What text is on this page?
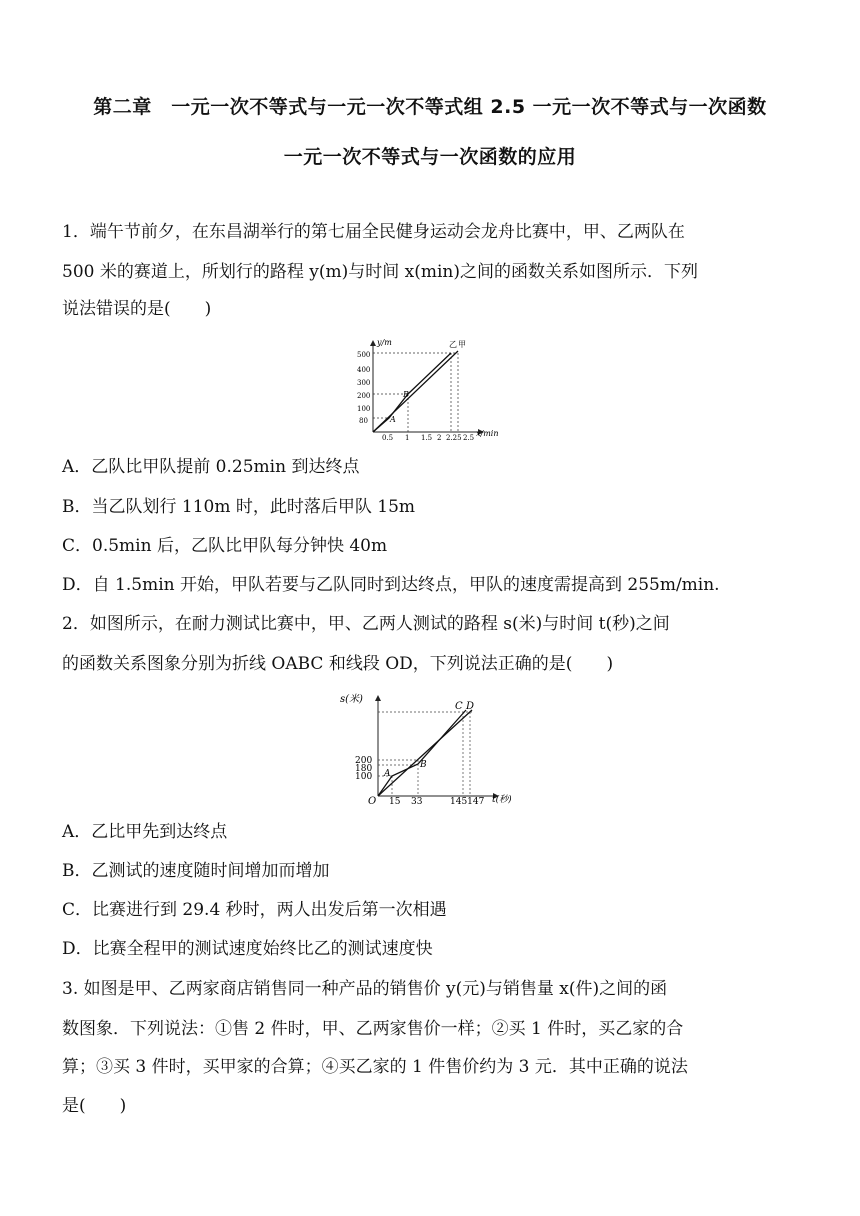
第二章　一元一次不等式与一元一次不等式组 2.5 一元一次不等式与一次函数
一元一次不等式与一次函数的应用
1．端午节前夕，在东昌湖举行的第七届全民健身运动会龙舟比赛中，甲、乙两队在
500 米的赛道上，所划行的路程 y(m)与时间 x(min)之间的函数关系如图所示．下列
说法错误的是(　　)
y/m
x/min
500
400
300
200
100
80
0.5 1 1.5 2 2.25 2.5
B
A
乙 甲
A．乙队比甲队提前 0.25min 到达终点
B．当乙队划行 110m 时，此时落后甲队 15m
C．0.5min 后，乙队比甲队每分钟快 40m
D．自 1.5min 开始，甲队若要与乙队同时到达终点，甲队的速度需提高到 255m/min.
2．如图所示，在耐力测试比赛中，甲、乙两人测试的路程 s(米)与时间 t(秒)之间
的函数关系图象分别为折线 OABC 和线段 OD，下列说法正确的是(　　)
s(米)
t(秒)
O
200
180
100
15 33	145147
A
B
C D
A．乙比甲先到达终点
B．乙测试的速度随时间增加而增加
C．比赛进行到 29.4 秒时，两人出发后第一次相遇
D．比赛全程甲的测试速度始终比乙的测试速度快
3. 如图是甲、乙两家商店销售同一种产品的销售价 y(元)与销售量 x(件)之间的函
数图象．下列说法：①售 2 件时，甲、乙两家售价一样；②买 1 件时，买乙家的合
算；③买 3 件时，买甲家的合算；④买乙家的 1 件售价约为 3 元．其中正确的说法
是(　　)
